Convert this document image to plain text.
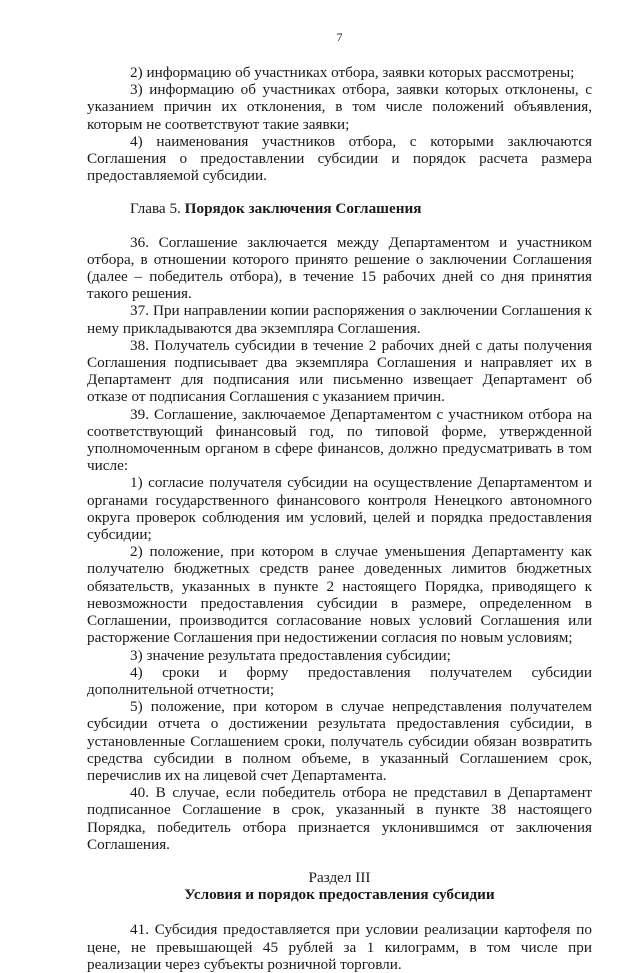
7

2) информацию об участниках отбора, заявки которых рассмотрены;

3) информацию об участниках отбора, заявки которых отклонены, с указанием причин их отклонения, в том числе положений объявления, которым не соответствуют такие заявки;

4) наименования участников отбора, с которыми заключаются Соглашения о предоставлении субсидии и порядок расчета размера предоставляемой субсидии.

Глава 5. Порядок заключения Соглашения

36. Соглашение заключается между Департаментом и участником отбора, в отношении которого принято решение о заключении Соглашения (далее – победитель отбора), в течение 15 рабочих дней со дня принятия такого решения.

37. При направлении копии распоряжения о заключении Соглашения к нему прикладываются два экземпляра Соглашения.

38. Получатель субсидии в течение 2 рабочих дней с даты получения Соглашения подписывает два экземпляра Соглашения и направляет их в Департамент для подписания или письменно извещает Департамент об отказе от подписания Соглашения с указанием причин.

39. Соглашение, заключаемое Департаментом с участником отбора на соответствующий финансовый год, по типовой форме, утвержденной уполномоченным органом в сфере финансов, должно предусматривать в том числе:

1) согласие получателя субсидии на осуществление Департаментом и органами государственного финансового контроля Ненецкого автономного округа проверок соблюдения им условий, целей и порядка предоставления субсидии;

2) положение, при котором в случае уменьшения Департаменту как получателю бюджетных средств ранее доведенных лимитов бюджетных обязательств, указанных в пункте 2 настоящего Порядка, приводящего к невозможности предоставления субсидии в размере, определенном в Соглашении, производится согласование новых условий Соглашения или расторжение Соглашения при недостижении согласия по новым условиям;

3) значение результата предоставления субсидии;

4) сроки и форму предоставления получателем субсидии дополнительной отчетности;

5) положение, при котором в случае непредставления получателем субсидии отчета о достижении результата предоставления субсидии, в установленные Соглашением сроки, получатель субсидии обязан возвратить средства субсидии в полном объеме, в указанный Соглашением срок, перечислив их на лицевой счет Департамента.

40. В случае, если победитель отбора не представил в Департамент подписанное Соглашение в срок, указанный в пункте 38 настоящего Порядка, победитель отбора признается уклонившимся от заключения Соглашения.

Раздел III

Условия и порядок предоставления субсидии

41. Субсидия предоставляется при условии реализации картофеля по цене, не превышающей 45 рублей за 1 килограмм, в том числе при реализации через субъекты розничной торговли.
